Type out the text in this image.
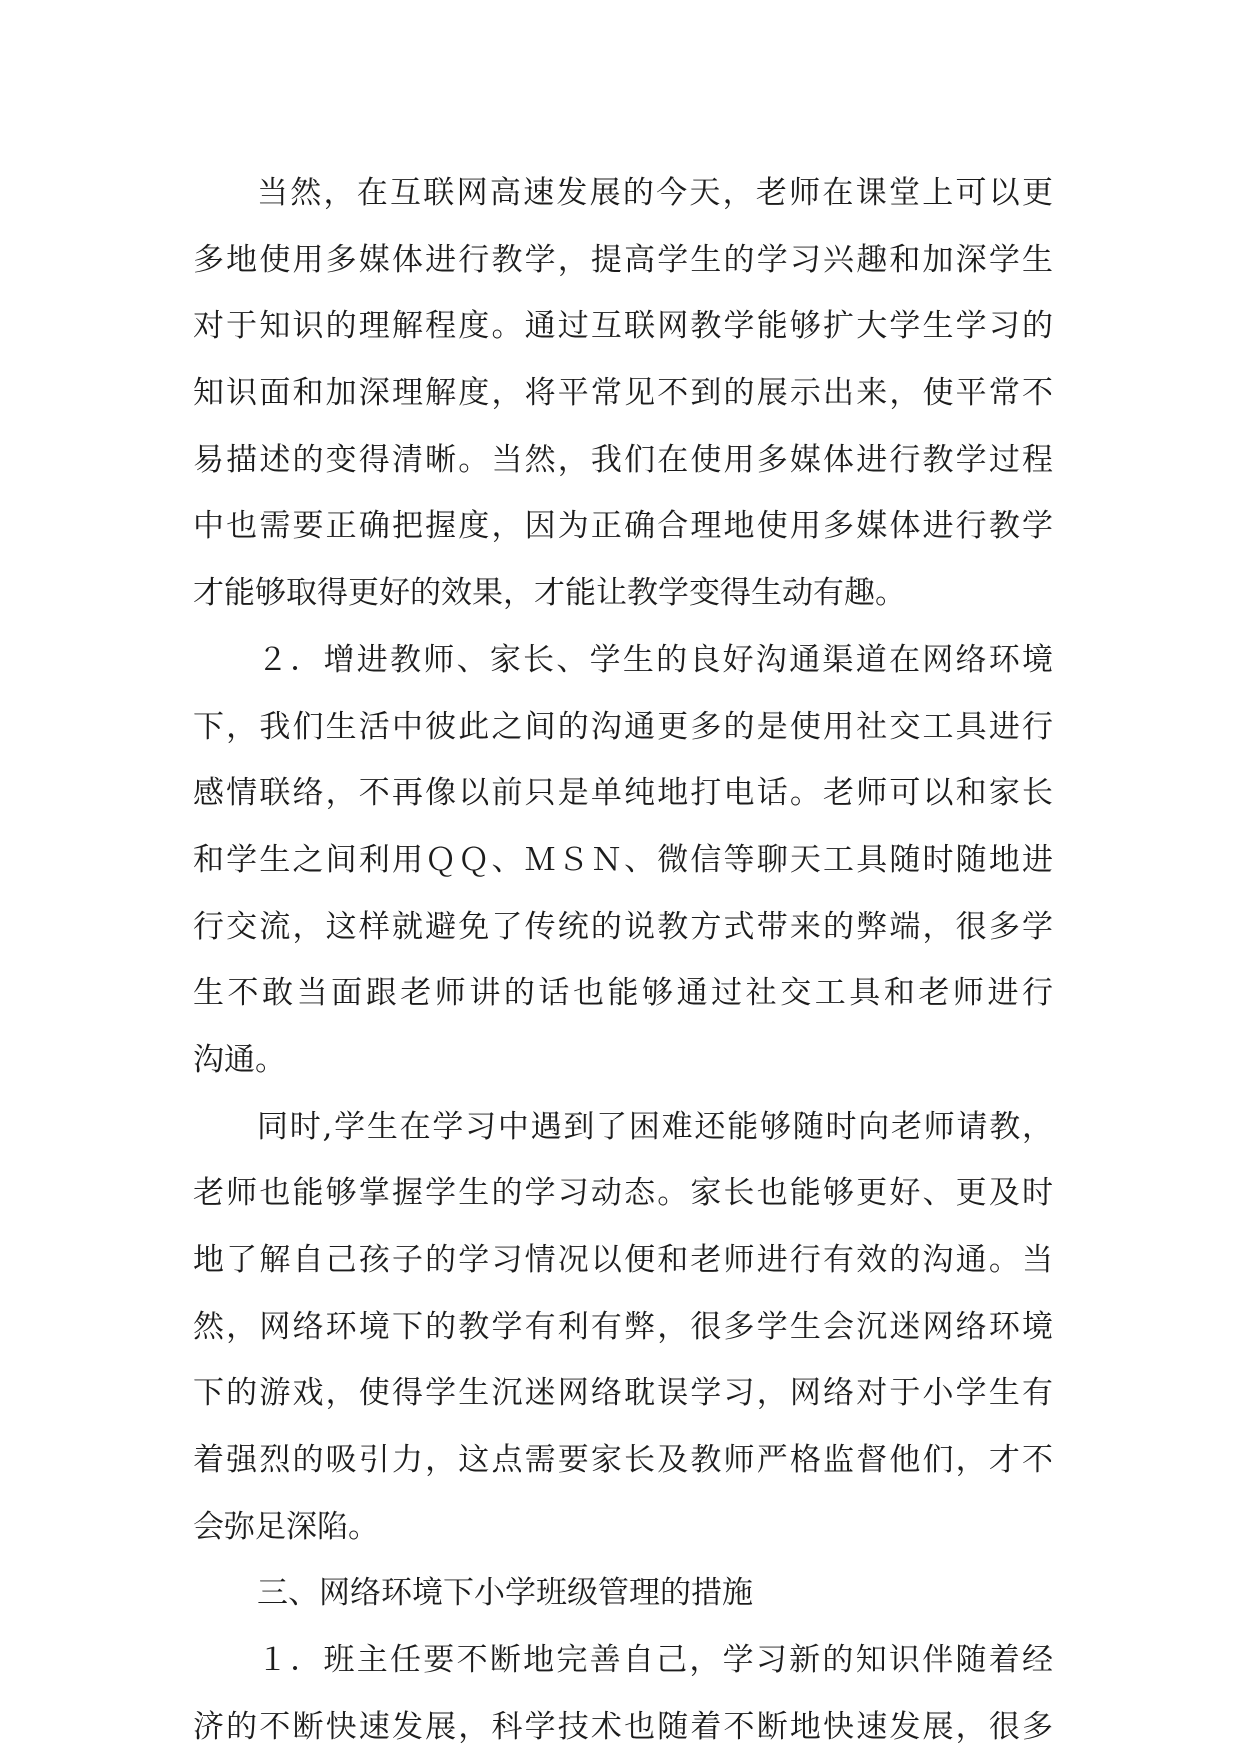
当然，在互联网高速发展的今天，老师在课堂上可以更
多地使用多媒体进行教学，提高学生的学习兴趣和加深学生
对于知识的理解程度。通过互联网教学能够扩大学生学习的
知识面和加深理解度，将平常见不到的展示出来，使平常不
易描述的变得清晰。当然，我们在使用多媒体进行教学过程
中也需要正确把握度，因为正确合理地使用多媒体进行教学
才能够取得更好的效果，才能让教学变得生动有趣。
２．增进教师、家长、学生的良好沟通渠道在网络环境
下，我们生活中彼此之间的沟通更多的是使用社交工具进行
感情联络，不再像以前只是单纯地打电话。老师可以和家长
和学生之间利用ＱＱ、ＭＳＮ、微信等聊天工具随时随地进
行交流，这样就避免了传统的说教方式带来的弊端，很多学
生不敢当面跟老师讲的话也能够通过社交工具和老师进行
沟通。
同时,学生在学习中遇到了困难还能够随时向老师请教，
老师也能够掌握学生的学习动态。家长也能够更好、更及时
地了解自己孩子的学习情况以便和老师进行有效的沟通。当
然，网络环境下的教学有利有弊，很多学生会沉迷网络环境
下的游戏，使得学生沉迷网络耽误学习，网络对于小学生有
着强烈的吸引力，这点需要家长及教师严格监督他们，才不
会弥足深陷。
三、网络环境下小学班级管理的措施
１．班主任要不断地完善自己，学习新的知识伴随着经
济的不断快速发展，科学技术也随着不断地快速发展，很多
